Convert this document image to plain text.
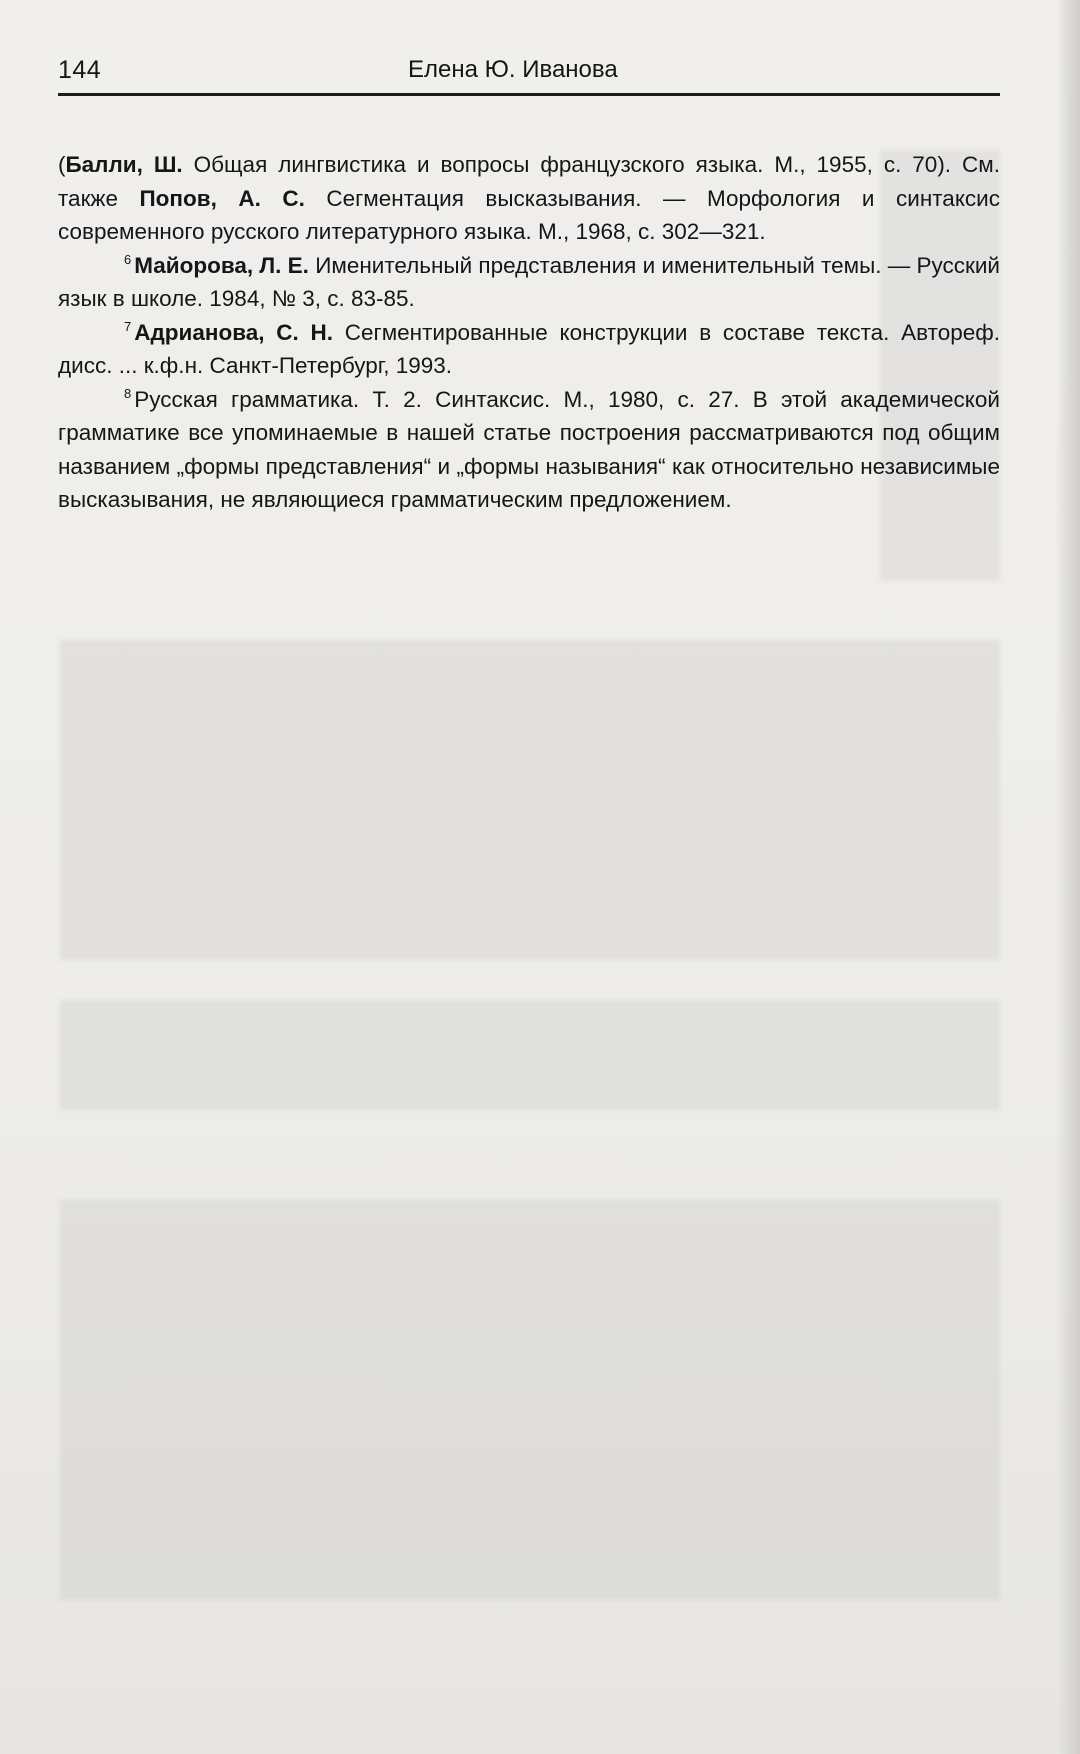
144	Елена Ю. Иванова

(Балли, Ш. Общая лингвистика и вопросы французского языка. М., 1955, с. 70). См. также Попов, А. С. Сегментация высказывания. — Морфология и синтаксис современного русского литературного языка. М., 1968, с. 302—321.

$^6$ Майорова, Л. Е. Именительный представления и именительный темы. — Русский язык в школе. 1984, № 3, с. 83-85.

$^7$ Адрианова, С. Н. Сегментированные конструкции в составе текста. Автореф. дисс. ... к.ф.н. Санкт-Петербург, 1993.

$^8$ Русская грамматика. Т. 2. Синтаксис. М., 1980, с. 27. В этой академической грамматике все упоминаемые в нашей статье построения рассматриваются под общим названием „формы представления“ и „формы называния“ как относительно независимые высказывания, не являющиеся грамматическим предложением.
